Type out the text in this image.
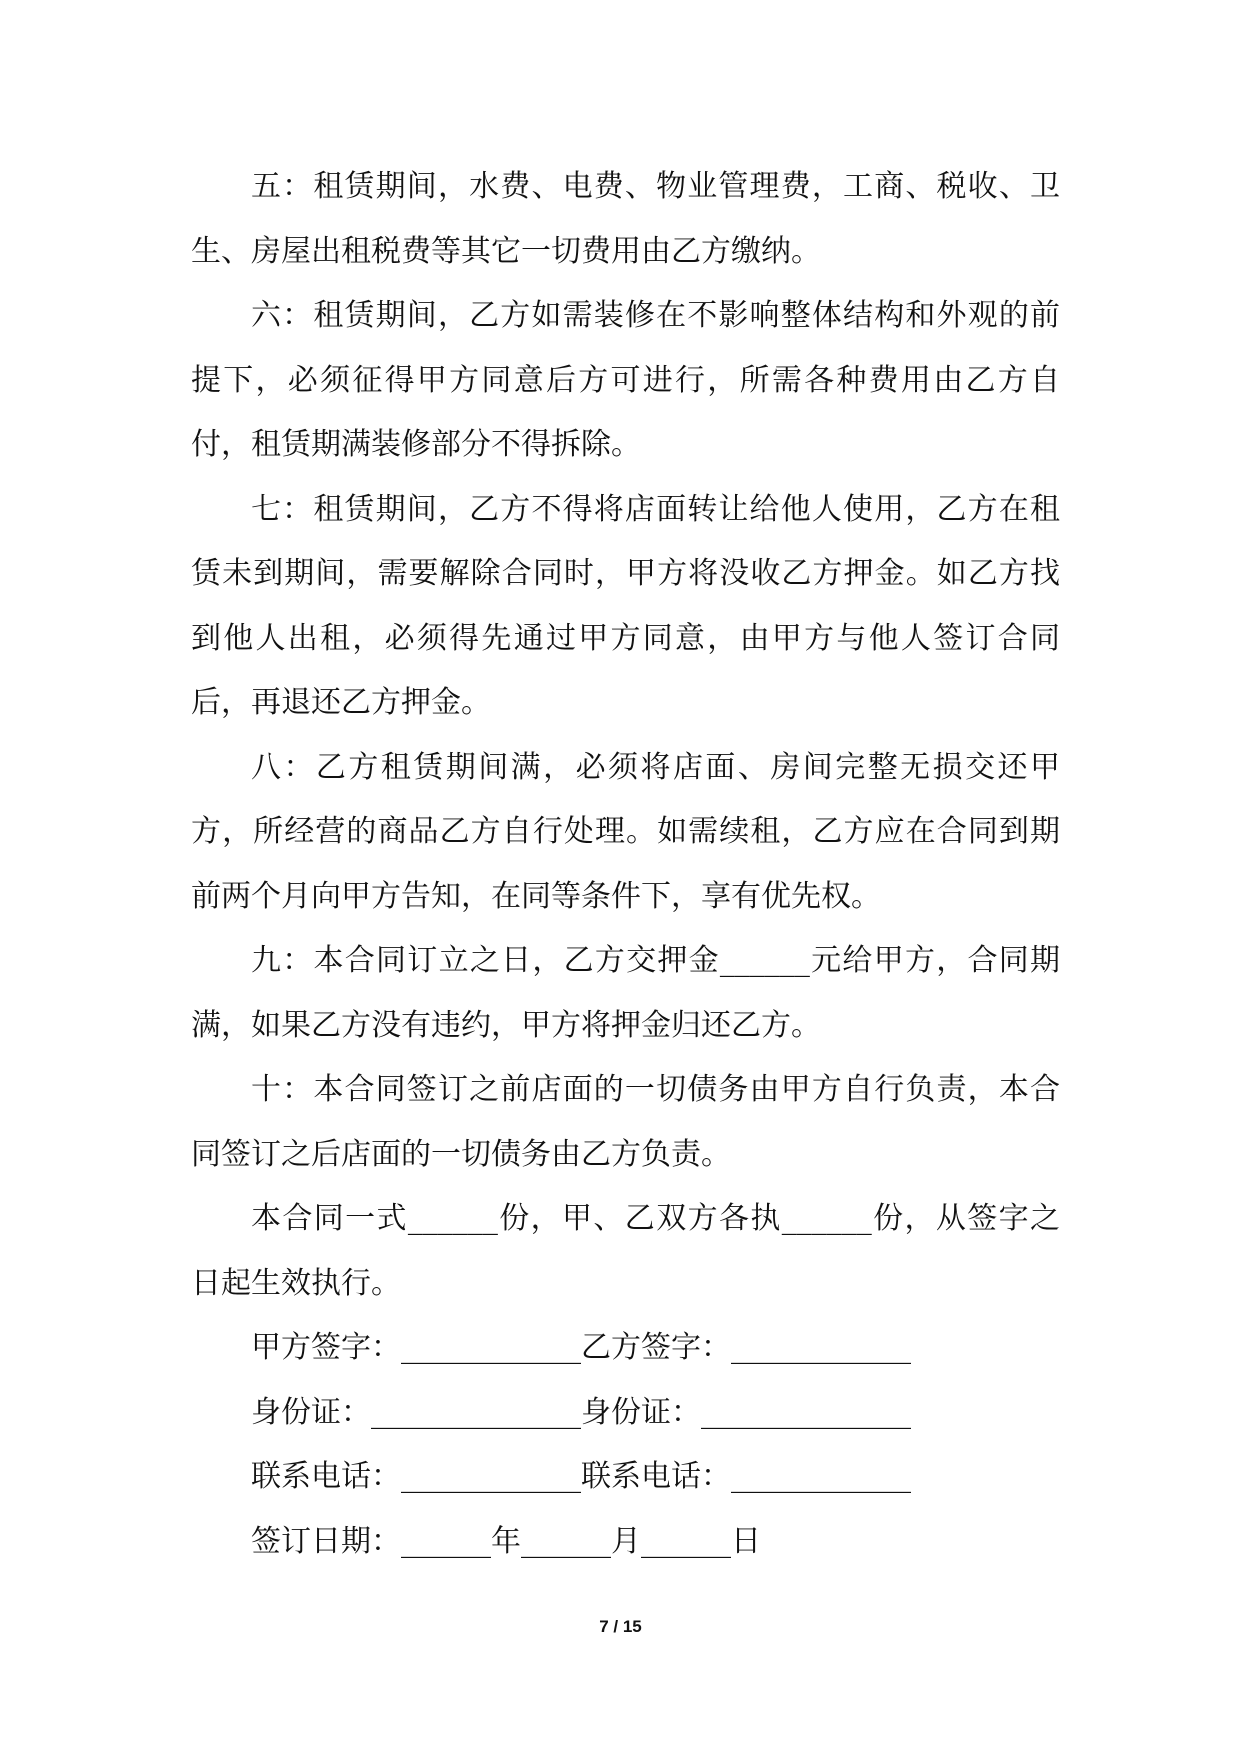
五：租赁期间，水费、电费、物业管理费，工商、税收、卫生、房屋出租税费等其它一切费用由乙方缴纳。

六：租赁期间，乙方如需装修在不影响整体结构和外观的前提下，必须征得甲方同意后方可进行，所需各种费用由乙方自付，租赁期满装修部分不得拆除。

七：租赁期间，乙方不得将店面转让给他人使用，乙方在租赁未到期间，需要解除合同时，甲方将没收乙方押金。如乙方找到他人出租，必须得先通过甲方同意，由甲方与他人签订合同后，再退还乙方押金。

八：乙方租赁期间满，必须将店面、房间完整无损交还甲方，所经营的商品乙方自行处理。如需续租，乙方应在合同到期前两个月向甲方告知，在同等条件下，享有优先权。

九：本合同订立之日，乙方交押金______元给甲方，合同期满，如果乙方没有违约，甲方将押金归还乙方。

十：本合同签订之前店面的一切债务由甲方自行负责，本合同签订之后店面的一切债务由乙方负责。

本合同一式______份，甲、乙双方各执______份，从签字之日起生效执行。

甲方签字：____________乙方签字：____________

身份证：______________身份证：______________

联系电话：____________联系电话：____________

签订日期：______年______月______日

7 / 15
